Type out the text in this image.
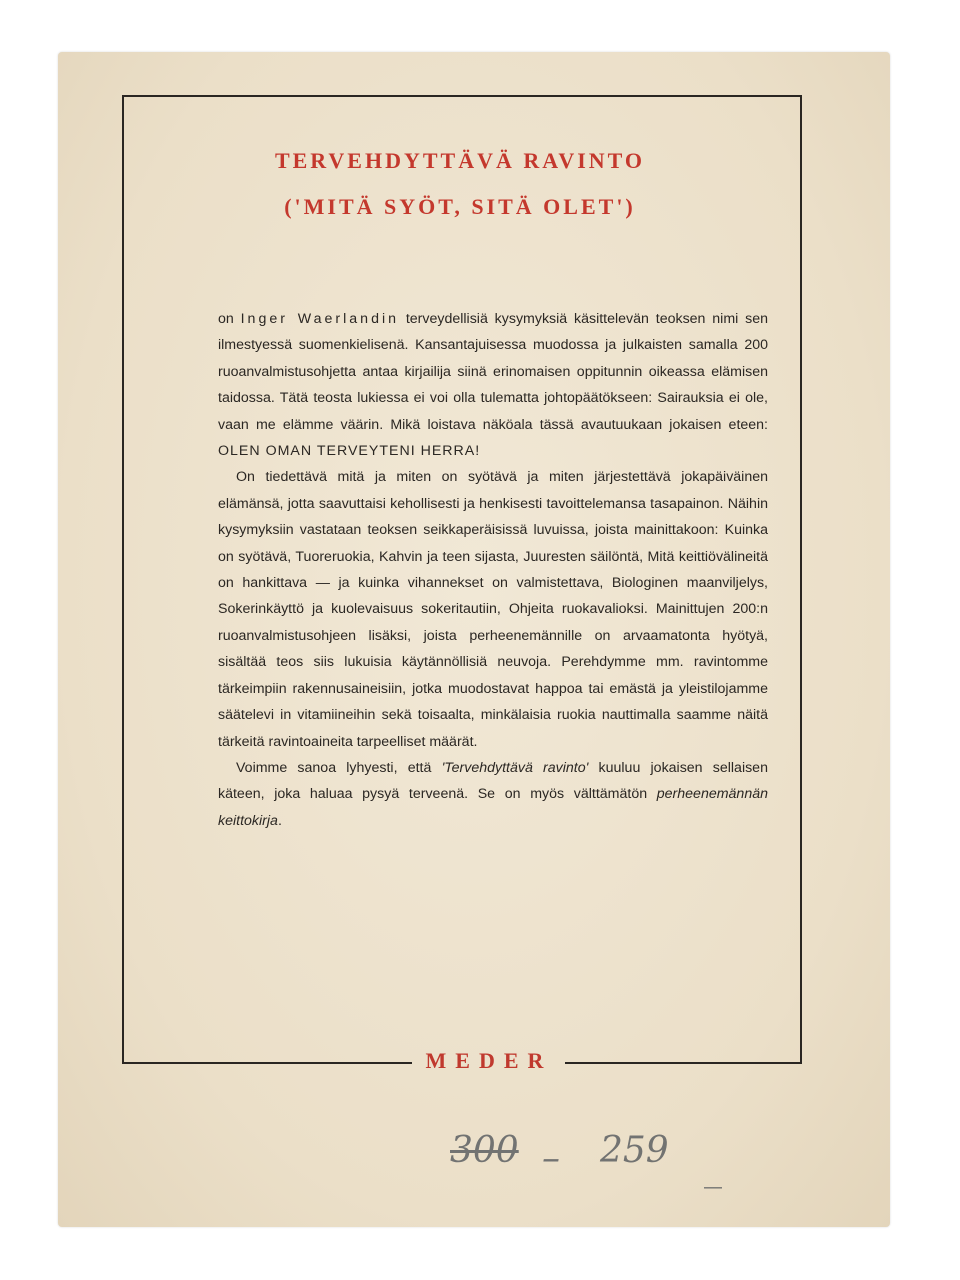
TERVEHDYTTÄVÄ RAVINTO
('MITÄ SYÖT, SITÄ OLET')

on Inger Waerlandin terveydellisiä kysymyksiä käsittelevän teoksen nimi sen ilmestyessä suomenkielisenä. Kansantajuisessa muodossa ja julkaisten samalla 200 ruoanvalmistusohjetta antaa kirjailija siinä erinomaisen oppitunnin oikeassa elämisen taidossa. Tätä teosta lukiessa ei voi olla tulematta johtopäätökseen: Sairauksia ei ole, vaan me elämme väärin. Mikä loistava näköala tässä avautuukaan jokaisen eteen: OLEN OMAN TERVEYTENI HERRA!

On tiedettävä mitä ja miten on syötävä ja miten järjestettävä jokapäiväinen elämänsä, jotta saavuttaisi kehollisesti ja henkisesti tavoittelemansa tasapainon. Näihin kysymyksiin vastataan teoksen seikkaperäisissä luvuissa, joista mainittakoon: Kuinka on syötävä, Tuoreruokia, Kahvin ja teen sijasta, Juuresten säilöntä, Mitä keittiövälineitä on hankittava — ja kuinka vihannekset on valmistettava, Biologinen maanviljelys, Sokerinkäyttö ja kuolevaisuus sokeritautiin, Ohjeita ruokavalioksi. Mainittujen 200:n ruoanvalmistusohjeen lisäksi, joista perheenemännille on arvaamatonta hyötyä, sisältää teos siis lukuisia käytännöllisiä neuvoja. Perehdymme mm. ravintomme tärkeimpiin rakennusaineisiin, jotka muodostavat happoa tai emästä ja yleistilojamme säätelevi in vitamiineihin sekä toisaalta, minkälaisia ruokia nauttimalla saamme näitä tärkeitä ravintoaineita tarpeelliset määrät.

Voimme sanoa lyhyesti, että 'Tervehdyttävä ravinto' kuuluu jokaisen sellaisen käteen, joka haluaa pysyä terveenä. Se on myös välttämätön perheenemännän keittokirja.

MEDER
300 – 259 _
